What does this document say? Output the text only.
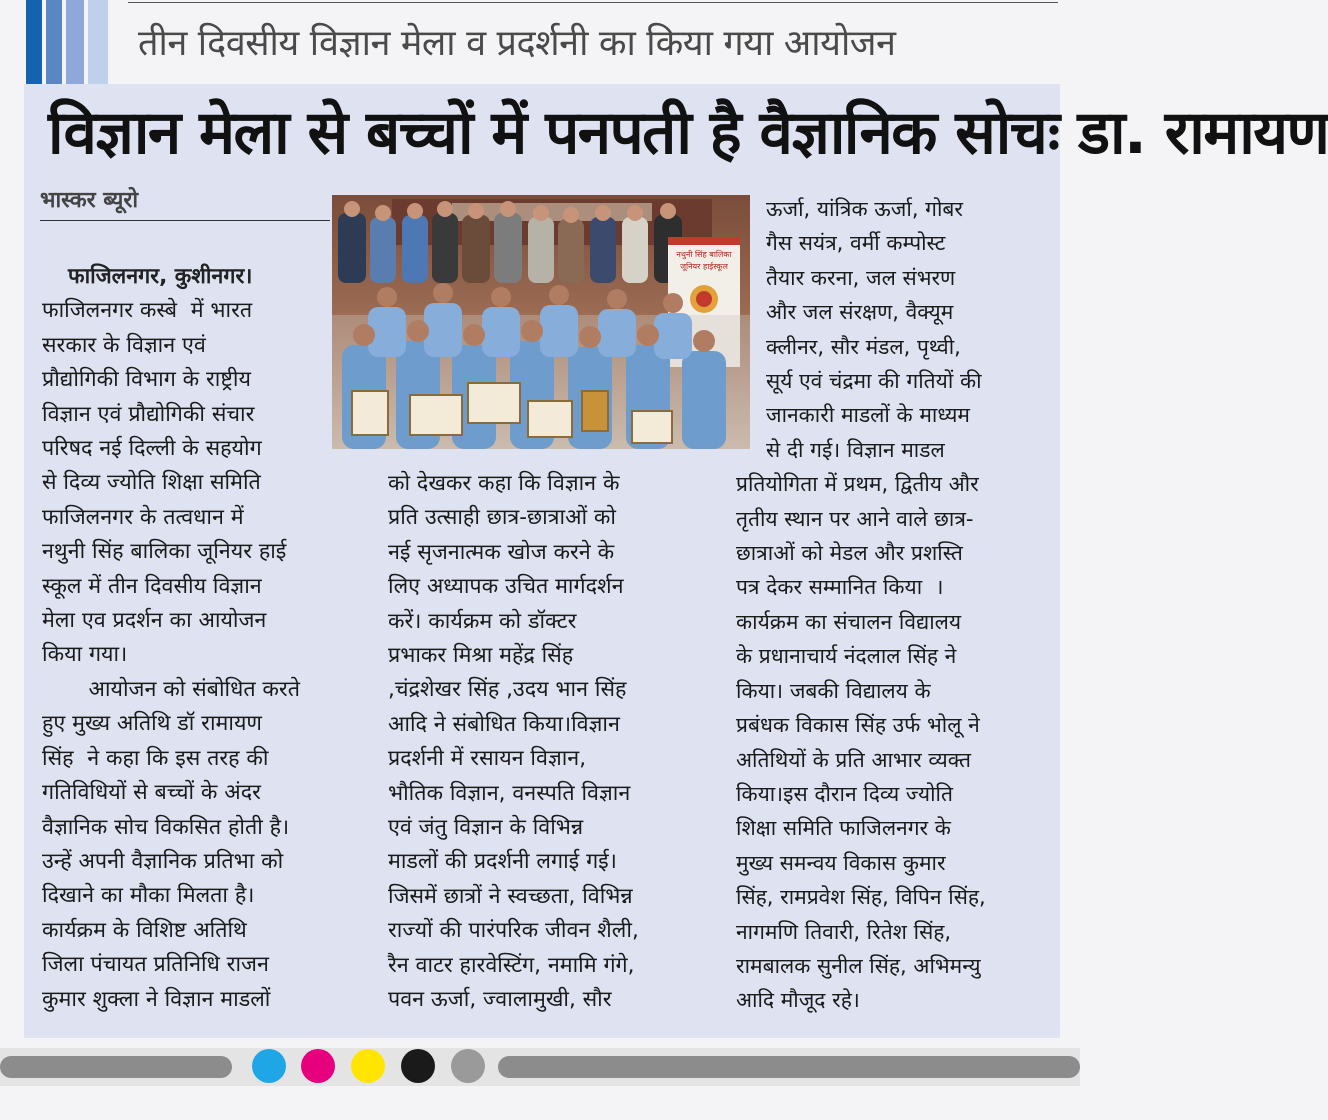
तीन दिवसीय विज्ञान मेला व प्रदर्शनी का किया गया आयोजन
विज्ञान मेला से बच्चों में पनपती है वैज्ञानिक सोचः डा. रामायण
भास्कर ब्यूरो
नथुनी सिंह बालिका
जूनियर हाईस्कूल

फाजिलनगर, कुशीनगर।

फाजिलनगर कस्बे  में भारत

सरकार के विज्ञान एवं

प्रौद्योगिकी विभाग के राष्ट्रीय

विज्ञान एवं प्रौद्योगिकी संचार

परिषद नई दिल्ली के सहयोग

से दिव्य ज्योति शिक्षा समिति

फाजिलनगर के तत्वधान में

नथुनी सिंह बालिका जूनियर हाई

स्कूल में तीन दिवसीय विज्ञान

मेला एव प्रदर्शन का आयोजन

किया गया।

आयोजन को संबोधित करते

हुए मुख्य अतिथि डॉ रामायण

सिंह  ने कहा कि इस तरह की

गतिविधियों से बच्चों के अंदर

वैज्ञानिक सोच विकसित होती है।

उन्हें अपनी वैज्ञानिक प्रतिभा को

दिखाने का मौका मिलता है।

कार्यक्रम के विशिष्ट अतिथि

जिला पंचायत प्रतिनिधि राजन

कुमार शुक्ला ने विज्ञान माडलों

को देखकर कहा कि विज्ञान के

प्रति उत्साही छात्र-छात्राओं को

नई सृजनात्मक खोज करने के

लिए अध्यापक उचित मार्गदर्शन

करें। कार्यक्रम को डॉक्टर

प्रभाकर मिश्रा महेंद्र सिंह

,चंद्रशेखर सिंह ,उदय भान सिंह

आदि ने संबोधित किया।विज्ञान

प्रदर्शनी में रसायन विज्ञान,

भौतिक विज्ञान, वनस्पति विज्ञान

एवं जंतु विज्ञान के विभिन्न

माडलों की प्रदर्शनी लगाई गई।

जिसमें छात्रों ने स्वच्छता, विभिन्न

राज्यों की पारंपरिक जीवन शैली,

रैन वाटर हारवेस्टिंग, नमामि गंगे,

पवन ऊर्जा, ज्वालामुखी, सौर

ऊर्जा, यांत्रिक ऊर्जा, गोबर

गैस सयंत्र, वर्मी कम्पोस्ट

तैयार करना, जल संभरण

और जल संरक्षण, वैक्यूम

क्लीनर, सौर मंडल, पृथ्वी,

सूर्य एवं चंद्रमा की गतियों की

जानकारी माडलों के माध्यम

से दी गई। विज्ञान माडल

प्रतियोगिता में प्रथम, द्वितीय और

तृतीय स्थान पर आने वाले छात्र-

छात्राओं को मेडल और प्रशस्ति

पत्र देकर सम्मानित किया  ।

कार्यक्रम का संचालन विद्यालय

के प्रधानाचार्य नंदलाल सिंह ने

किया। जबकी विद्यालय के

प्रबंधक विकास सिंह उर्फ भोलू ने

अतिथियों के प्रति आभार व्यक्त

किया।इस दौरान दिव्य ज्योति

शिक्षा समिति फाजिलनगर के

मुख्य समन्वय विकास कुमार

सिंह, रामप्रवेश सिंह, विपिन सिंह,

नागमणि तिवारी, रितेश सिंह,

रामबालक सुनील सिंह, अभिमन्यु

आदि मौजूद रहे।
